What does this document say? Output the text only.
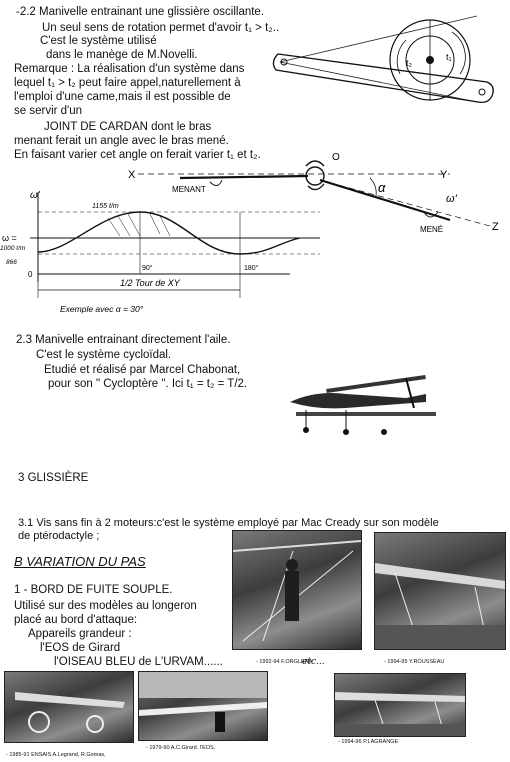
-2.2 Manivelle entrainant une glissière oscillante.
Un seul sens de rotation permet d'avoir t₁ > t₂..
C'est le système utilisé
dans le manège de M.Novelli.
Remarque : La réalisation d'un système dans
lequel t₁ > t₂ peut faire appel,naturellement à
l'emploi d'une came,mais il est possible de
se servir d'un
JOINT DE CARDAN dont le bras
menant ferait un angle avec le bras mené.
En faisant varier cet angle on ferait varier t₁ et t₂.
t₁
t₂
X	Y
Z
O
α
ω'
MENANT
MENÉ
ω'
ω =
1155 t/m
1000 t/m
866
0
90°	180°
1/2 Tour de XY
Exemple avec α = 30°
2.3 Manivelle entrainant directement l'aile.
C'est le système cycloïdal.
Etudié et réalisé par Marcel Chabonat,
pour son " Cycloptère ". Ici t₁ = t₂ = T/2.
3 GLISSIÈRE
3.1 Vis sans fin à 2 moteurs:c'est le système employé par Mac Cready sur son modèle
de ptérodactyle ;
B VARIATION DU PAS
1 - BORD DE FUITE SOUPLE.
Utilisé sur des modèles au longeron
placé au bord d'attaque:
Appareils grandeur :
l'EOS de Girard
l'OISEAU BLEU de L'URVAM......	etc...
- 1992-94 F.ORGLERA	- 1994-95 Y.ROUSSEAU
- 1985-91 ENSAIS A.Legrand, R.Gomas,
- 1979-90 A.C.Girard. l'EOS.
- 1994-96 P.LAGRANGE
